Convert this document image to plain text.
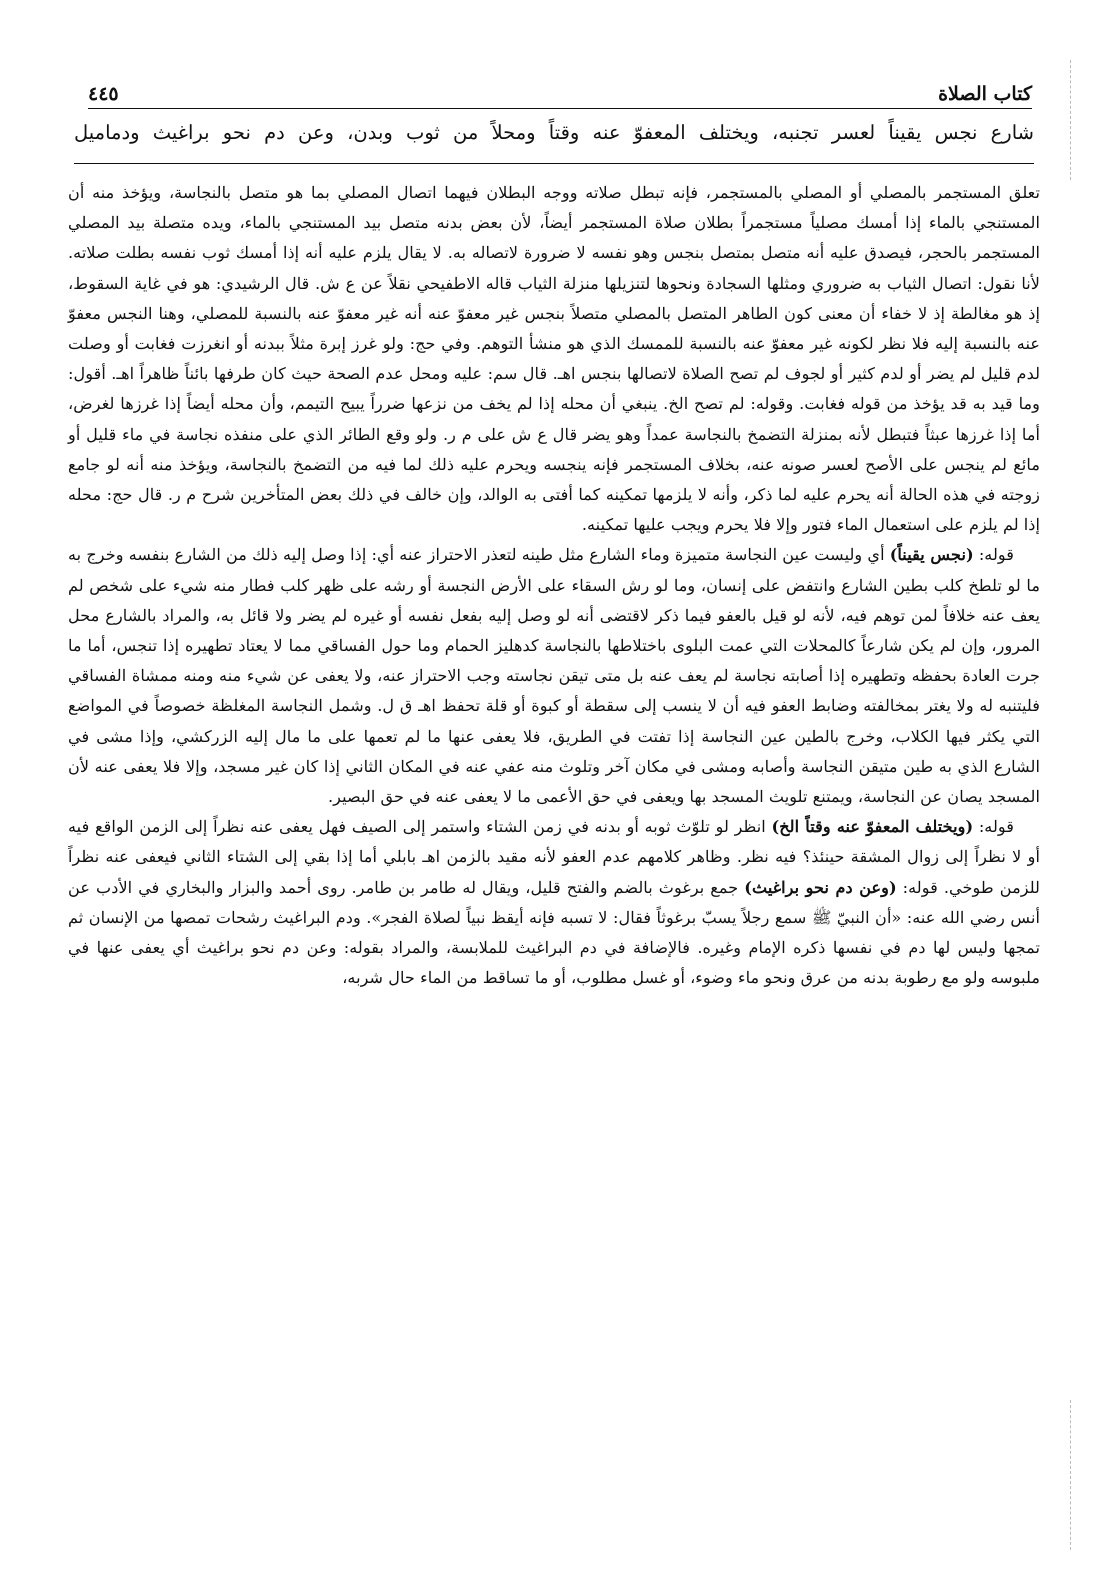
كتاب الصلاة
٤٤٥
شارع نجس يقيناً لعسر تجنبه، ويختلف المعفوّ عنه وقتاً ومحلاً من ثوب وبدن، وعن دم نحو براغيث ودماميل

تعلق المستجمر بالمصلي أو المصلي بالمستجمر، فإنه تبطل صلاته ووجه البطلان فيهما اتصال المصلي بما هو متصل بالنجاسة، ويؤخذ منه أن المستنجي بالماء إذا أمسك مصلياً مستجمراً بطلان صلاة المستجمر أيضاً، لأن بعض بدنه متصل بيد المستنجي بالماء، ويده متصلة بيد المصلي المستجمر بالحجر، فيصدق عليه أنه متصل بمتصل بنجس وهو نفسه لا ضرورة لاتصاله به. لا يقال يلزم عليه أنه إذا أمسك ثوب نفسه بطلت صلاته. لأنا نقول: اتصال الثياب به ضروري ومثلها السجادة ونحوها لتنزيلها منزلة الثياب قاله الاطفيحي نقلاً عن ع ش. قال الرشيدي: هو في غاية السقوط، إذ هو مغالطة إذ لا خفاء أن معنى كون الطاهر المتصل بالمصلي متصلاً بنجس غير معفوّ عنه أنه غير معفوّ عنه بالنسبة للمصلي، وهنا النجس معفوّ عنه بالنسبة إليه فلا نظر لكونه غير معفوّ عنه بالنسبة للممسك الذي هو منشأ التوهم. وفي حج: ولو غرز إبرة مثلاً ببدنه أو انغرزت فغابت أو وصلت لدم قليل لم يضر أو لدم كثير أو لجوف لم تصح الصلاة لاتصالها بنجس اهـ. قال سم: عليه ومحل عدم الصحة حيث كان طرفها بائناً ظاهراً اهـ. أقول: وما قيد به قد يؤخذ من قوله فغابت. وقوله: لم تصح الخ. ينبغي أن محله إذا لم يخف من نزعها ضرراً يبيح التيمم، وأن محله أيضاً إذا غرزها لغرض، أما إذا غرزها عبثاً فتبطل لأنه بمنزلة التضمخ بالنجاسة عمداً وهو يضر قال ع ش على م ر. ولو وقع الطائر الذي على منفذه نجاسة في ماء قليل أو مائع لم ينجس على الأصح لعسر صونه عنه، بخلاف المستجمر فإنه ينجسه ويحرم عليه ذلك لما فيه من التضمخ بالنجاسة، ويؤخذ منه أنه لو جامع زوجته في هذه الحالة أنه يحرم عليه لما ذكر، وأنه لا يلزمها تمكينه كما أفتى به الوالد، وإن خالف في ذلك بعض المتأخرين شرح م ر. قال حج: محله إذا لم يلزم على استعمال الماء فتور وإلا فلا يحرم ويجب عليها تمكينه.

قوله: (نجس يقيناً) أي وليست عين النجاسة متميزة وماء الشارع مثل طينه لتعذر الاحتراز عنه أي: إذا وصل إليه ذلك من الشارع بنفسه وخرج به ما لو تلطخ كلب بطين الشارع وانتفض على إنسان، وما لو رش السقاء على الأرض النجسة أو رشه على ظهر كلب فطار منه شيء على شخص لم يعف عنه خلافاً لمن توهم فيه، لأنه لو قيل بالعفو فيما ذكر لاقتضى أنه لو وصل إليه بفعل نفسه أو غيره لم يضر ولا قائل به، والمراد بالشارع محل المرور، وإن لم يكن شارعاً كالمحلات التي عمت البلوى باختلاطها بالنجاسة كدهليز الحمام وما حول الفساقي مما لا يعتاد تطهيره إذا تنجس، أما ما جرت العادة بحفظه وتطهيره إذا أصابته نجاسة لم يعف عنه بل متى تيقن نجاسته وجب الاحتراز عنه، ولا يعفى عن شيء منه ومنه ممشاة الفساقي فليتنبه له ولا يغتر بمخالفته وضابط العفو فيه أن لا ينسب إلى سقطة أو كبوة أو قلة تحفظ اهـ ق ل. وشمل النجاسة المغلظة خصوصاً في المواضع التي يكثر فيها الكلاب، وخرج بالطين عين النجاسة إذا تفتت في الطريق، فلا يعفى عنها ما لم تعمها على ما مال إليه الزركشي، وإذا مشى في الشارع الذي به طين متيقن النجاسة وأصابه ومشى في مكان آخر وتلوث منه عفي عنه في المكان الثاني إذا كان غير مسجد، وإلا فلا يعفى عنه لأن المسجد يصان عن النجاسة، ويمتنع تلويث المسجد بها ويعفى في حق الأعمى ما لا يعفى عنه في حق البصير.

قوله: (ويختلف المعفوّ عنه وقتاً الخ) انظر لو تلوّث ثوبه أو بدنه في زمن الشتاء واستمر إلى الصيف فهل يعفى عنه نظراً إلى الزمن الواقع فيه أو لا نظراً إلى زوال المشقة حينئذ؟ فيه نظر. وظاهر كلامهم عدم العفو لأنه مقيد بالزمن اهـ بابلي أما إذا بقي إلى الشتاء الثاني فيعفى عنه نظراً للزمن طوخي. قوله: (وعن دم نحو براغيث) جمع برغوث بالضم والفتح قليل، ويقال له طامر بن طامر. روى أحمد والبزار والبخاري في الأدب عن أنس رضي الله عنه: «أن النبيّ ﷺ سمع رجلاً يسبّ برغوثاً فقال: لا تسبه فإنه أيقظ نبياً لصلاة الفجر». ودم البراغيث رشحات تمصها من الإنسان ثم تمجها وليس لها دم في نفسها ذكره الإمام وغيره. فالإضافة في دم البراغيث للملابسة، والمراد بقوله: وعن دم نحو براغيث أي يعفى عنها في ملبوسه ولو مع رطوبة بدنه من عرق ونحو ماء وضوء، أو غسل مطلوب، أو ما تساقط من الماء حال شربه،
